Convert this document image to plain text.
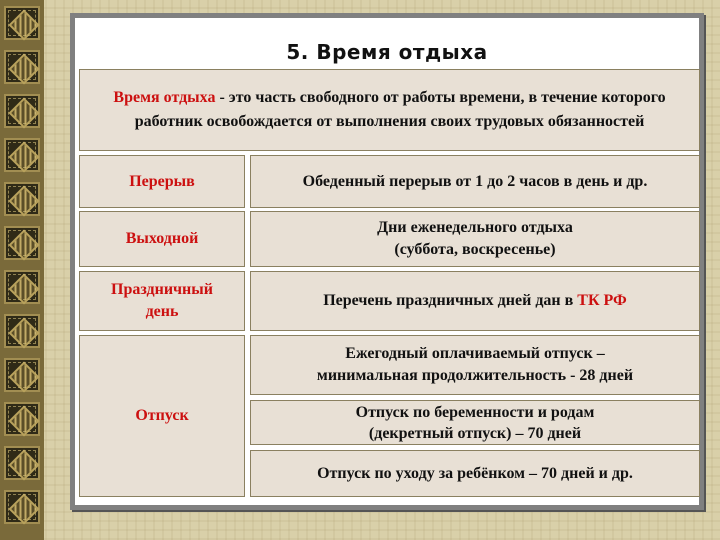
5. Время отдыха
Время отдыха - это часть свободного от работы времени, в течение которого работник освобождается от выполнения своих трудовых обязанностей
Перерыв	Обеденный перерыв от 1 до 2 часов в день и др.
Выходной
Дни еженедельного отдыха
(суббота, воскресенье)
Праздничный
день
Перечень праздничных дней дан в ТК РФ
Отпуск
Ежегодный оплачиваемый отпуск –
минимальная продолжительность - 28 дней
Отпуск по беременности и родам
(декретный отпуск) – 70 дней
Отпуск по уходу за ребёнком – 70 дней и др.
